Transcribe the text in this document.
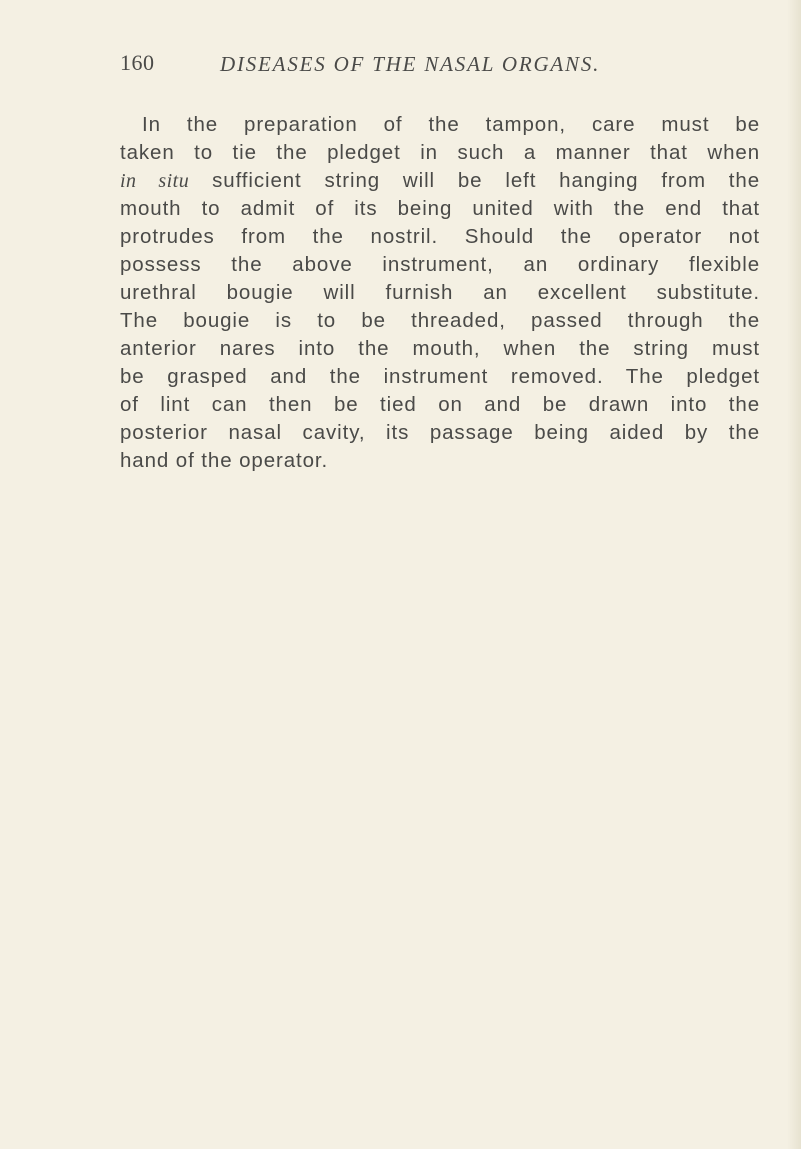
160	DISEASES OF THE NASAL ORGANS.

In the preparation of the tampon, care must be
taken to tie the pledget in such a manner that when
in situ sufficient string will be left hanging from the
mouth to admit of its being united with the end that
protrudes from the nostril. Should the operator not
possess the above instrument, an ordinary flexible
urethral bougie will furnish an excellent substitute.
The bougie is to be threaded, passed through the
anterior nares into the mouth, when the string must
be grasped and the instrument removed. The pledget
of lint can then be tied on and be drawn into the
posterior nasal cavity, its passage being aided by the
hand of the operator.
